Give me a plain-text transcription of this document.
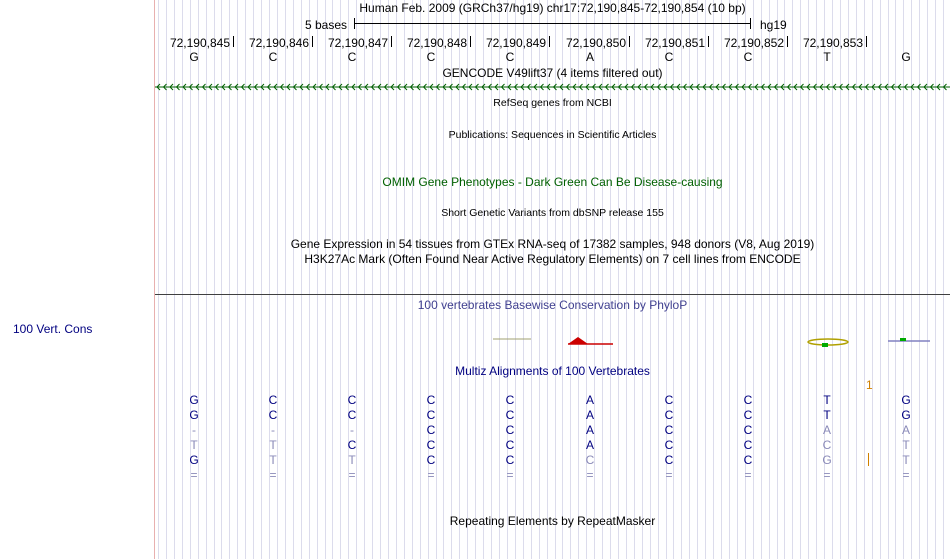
100 Vert. Cons
Human Feb. 2009 (GRCh37/hg19) chr17:72,190,845-72,190,854 (10 bp)
5 bases	hg19
72,190,845 72,190,846 72,190,847 72,190,848 72,190,849 72,190,850 72,190,851 72,190,852 72,190,853
G	C	C	C	C	A	C	C	T	G
GENCODE V49lift37 (4 items filtered out)
RefSeq genes from NCBI
Publications: Sequences in Scientific Articles
OMIM Gene Phenotypes - Dark Green Can Be Disease-causing
Short Genetic Variants from dbSNP release 155
Gene Expression in 54 tissues from GTEx RNA-seq of 17382 samples, 948 donors (V8, Aug 2019)
H3K27Ac Mark (Often Found Near Active Regulatory Elements) on 7 cell lines from ENCODE
100 vertebrates Basewise Conservation by PhyloP
Multiz Alignments of 100 Vertebrates
1
G	C	C	C	C	A	C	C	T	G
G	C	C	C	C	A	C	C	T	G
-	-	-	C	C	A	C	C	A	A
T	T	C	C	C	A	C	C	C	T
G	T	T	C	C	C	C	C	G	T
=	=	=	=	=	=	=	=	=	=
Repeating Elements by RepeatMasker
